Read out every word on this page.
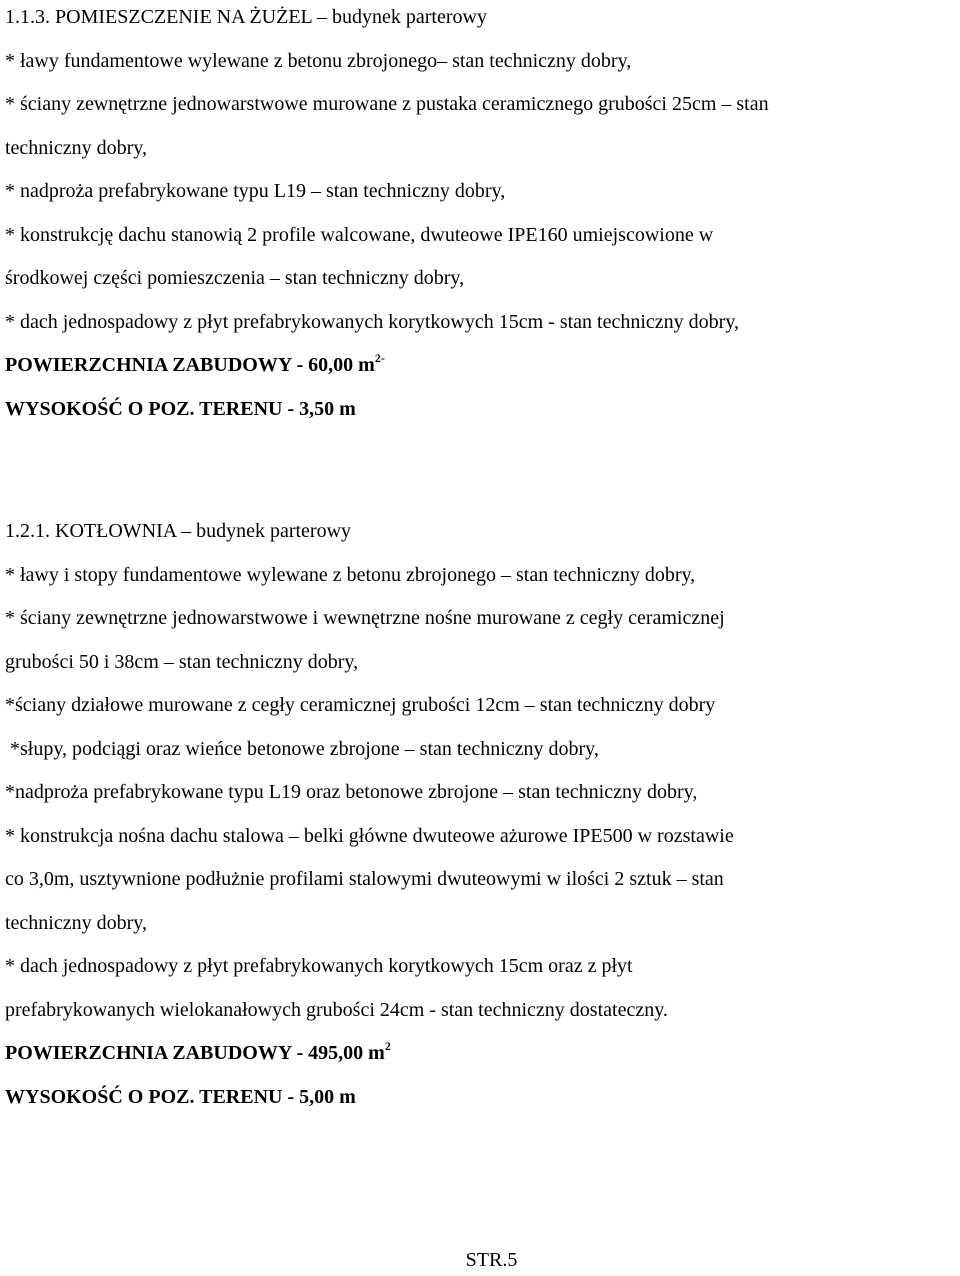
1.1.3. POMIESZCZENIE NA ŻUŻEL – budynek parterowy
* ławy fundamentowe wylewane z betonu zbrojonego– stan techniczny dobry,
* ściany zewnętrzne jednowarstwowe murowane z pustaka ceramicznego grubości 25cm – stan
techniczny dobry,
* nadproża prefabrykowane typu L19 – stan techniczny dobry,
* konstrukcję dachu stanowią 2 profile walcowane, dwuteowe IPE160 umiejscowione w
środkowej części pomieszczenia – stan techniczny dobry,
* dach jednospadowy z płyt prefabrykowanych korytkowych 15cm - stan techniczny dobry,
POWIERZCHNIA ZABUDOWY - 60,00 $m^{2-}$
WYSOKOŚĆ O POZ. TERENU - 3,50 m
1.2.1. KOTŁOWNIA – budynek parterowy
* ławy i stopy fundamentowe wylewane z betonu zbrojonego – stan techniczny dobry,
* ściany zewnętrzne jednowarstwowe i wewnętrzne nośne murowane z cegły ceramicznej
grubości 50 i 38cm – stan techniczny dobry,
*ściany działowe murowane z cegły ceramicznej grubości 12cm – stan techniczny dobry
*słupy, podciągi oraz wieńce betonowe zbrojone – stan techniczny dobry,
*nadproża prefabrykowane typu L19 oraz betonowe zbrojone – stan techniczny dobry,
* konstrukcja nośna dachu stalowa – belki główne dwuteowe ażurowe IPE500 w rozstawie
co 3,0m, usztywnione podłużnie profilami stalowymi dwuteowymi w ilości 2 sztuk – stan
techniczny dobry,
* dach jednospadowy z płyt prefabrykowanych korytkowych 15cm oraz z płyt
prefabrykowanych wielokanałowych grubości 24cm - stan techniczny dostateczny.
POWIERZCHNIA ZABUDOWY - 495,00 $m^2$
WYSOKOŚĆ O POZ. TERENU - 5,00 m
STR.5
